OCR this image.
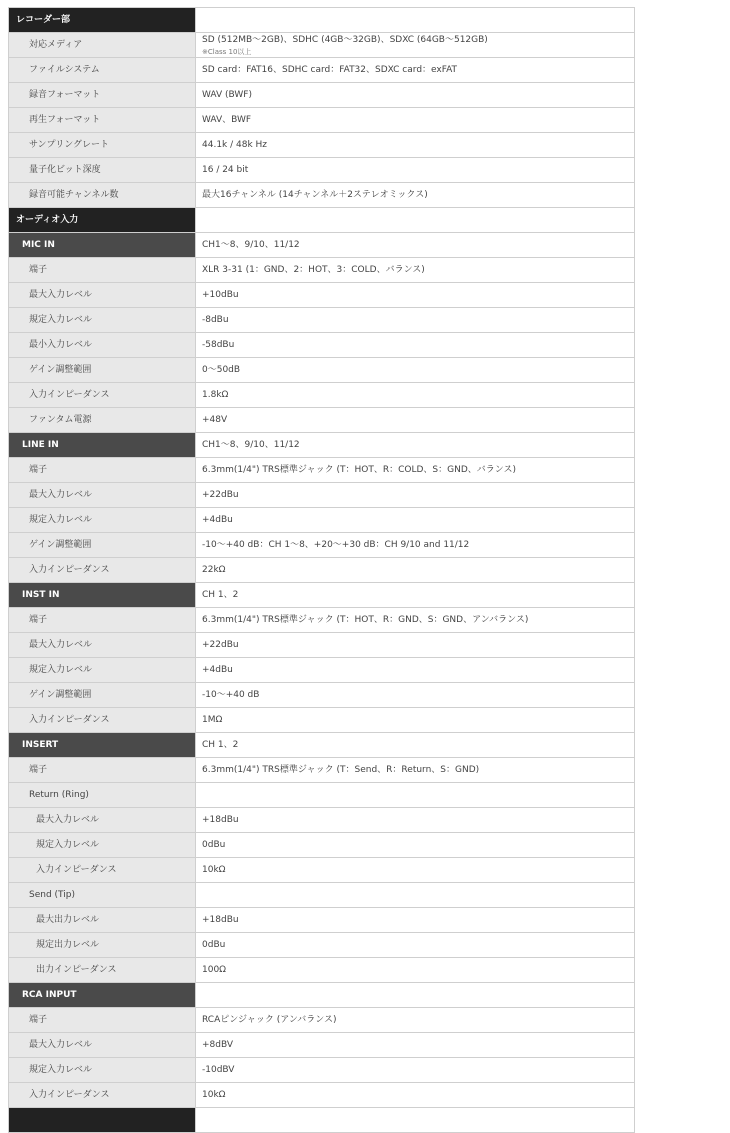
レコーダー部	
対応メディア	SD (512MB～2GB)、SDHC (4GB～32GB)、SDXC (64GB～512GB)
※Class 10以上

ファイルシステム	SD card：FAT16、SDHC card：FAT32、SDXC card：exFAT
録音フォーマット	WAV (BWF)
再生フォーマット	WAV、BWF
サンプリングレート	44.1k / 48k Hz
量子化ビット深度	16 / 24 bit
録音可能チャンネル数	最大16チャンネル (14チャンネル＋2ステレオミックス)
オーディオ入力	
MIC IN	CH1～8、9/10、11/12
端子	XLR 3-31 (1：GND、2：HOT、3：COLD、バランス)
最大入力レベル	+10dBu
規定入力レベル	-8dBu
最小入力レベル	-58dBu
ゲイン調整範囲	0～50dB
入力インピーダンス	1.8kΩ
ファンタム電源	+48V
LINE IN	CH1～8、9/10、11/12
端子	6.3mm(1/4") TRS標準ジャック (T：HOT、R：COLD、S：GND、バランス)
最大入力レベル	+22dBu
規定入力レベル	+4dBu
ゲイン調整範囲	-10～+40 dB：CH 1～8、+20～+30 dB：CH 9/10 and 11/12
入力インピーダンス	22kΩ
INST IN	CH 1、2
端子	6.3mm(1/4") TRS標準ジャック (T：HOT、R：GND、S：GND、アンバランス)
最大入力レベル	+22dBu
規定入力レベル	+4dBu
ゲイン調整範囲	-10～+40 dB
入力インピーダンス	1MΩ
INSERT	CH 1、2
端子	6.3mm(1/4") TRS標準ジャック (T：Send、R：Return、S：GND)
Return (Ring)	
最大入力レベル	+18dBu
規定入力レベル	0dBu
入力インピーダンス	10kΩ
Send (Tip)	
最大出力レベル	+18dBu
規定出力レベル	0dBu
出力インピーダンス	100Ω
RCA INPUT	
端子	RCAピンジャック (アンバランス)
最大入力レベル	+8dBV
規定入力レベル	-10dBV
入力インピーダンス	10kΩ
